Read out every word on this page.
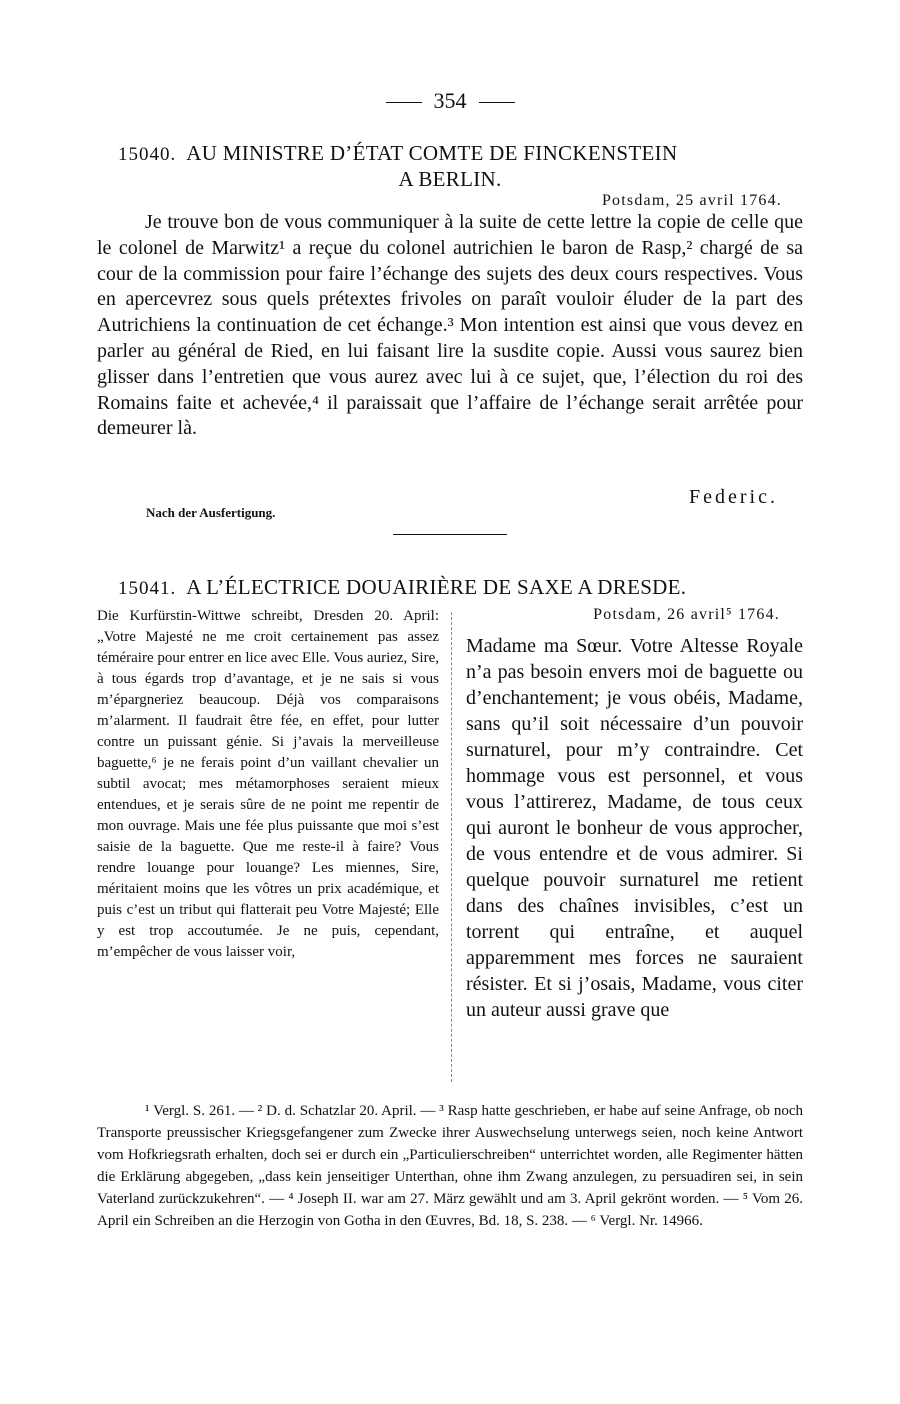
354
15040. AU MINISTRE D’ÉTAT COMTE DE FINCKENSTEIN
A BERLIN.
Potsdam, 25 avril 1764.
Je trouve bon de vous communiquer à la suite de cette lettre la copie de celle que le colonel de Marwitz¹ a reçue du colonel autrichien le baron de Rasp,² chargé de sa cour de la commission pour faire l’échange des sujets des deux cours respectives. Vous en apercevrez sous quels prétextes frivoles on paraît vouloir éluder de la part des Autrichiens la continuation de cet échange.³ Mon intention est ainsi que vous devez en parler au général de Ried, en lui faisant lire la susdite copie. Aussi vous saurez bien glisser dans l’entretien que vous aurez avec lui à ce sujet, que, l’élection du roi des Romains faite et achevée,⁴ il paraissait que l’affaire de l’échange serait arrêtée pour demeurer là.
Federic.
Nach der Ausfertigung.
15041. A L’ÉLECTRICE DOUAIRIÈRE DE SAXE A DRESDE.
Die Kurfürstin-Wittwe schreibt, Dresden 20. April: „Votre Majesté ne me croit certainement pas assez téméraire pour entrer en lice avec Elle. Vous auriez, Sire, à tous égards trop d’avantage, et je ne sais si vous m’épargneriez beaucoup. Déjà vos comparaisons m’alarment. Il faudrait être fée, en effet, pour lutter contre un puissant génie. Si j’avais la merveilleuse baguette,⁶ je ne ferais point d’un vaillant chevalier un subtil avocat; mes métamorphoses seraient mieux entendues, et je serais sûre de ne point me repentir de mon ouvrage. Mais une fée plus puissante que moi s’est saisie de la baguette. Que me reste-il à faire? Vous rendre louange pour louange? Les miennes, Sire, méritaient moins que les vôtres un prix académique, et puis c’est un tribut qui flatterait peu Votre Majesté; Elle y est trop accoutumée. Je ne puis, cependant, m’empêcher de vous laisser voir,
Potsdam, 26 avril⁵ 1764.
Madame ma Sœur. Votre Altesse Royale n’a pas besoin envers moi de baguette ou d’enchantement; je vous obéis, Madame, sans qu’il soit nécessaire d’un pouvoir surnaturel, pour m’y contraindre. Cet hommage vous est personnel, et vous vous l’attirerez, Madame, de tous ceux qui auront le bonheur de vous approcher, de vous entendre et de vous admirer. Si quelque pouvoir surnaturel me retient dans des chaînes invisibles, c’est un torrent qui entraîne, et auquel apparemment mes forces ne sauraient résister. Et si j’osais, Madame, vous citer un auteur aussi grave que
¹ Vergl. S. 261. — ² D. d. Schatzlar 20. April. — ³ Rasp hatte geschrieben, er habe auf seine Anfrage, ob noch Transporte preussischer Kriegsgefangener zum Zwecke ihrer Auswechselung unterwegs seien, noch keine Antwort vom Hofkriegsrath erhalten, doch sei er durch ein „Particulierschreiben“ unterrichtet worden, alle Regimenter hätten die Erklärung abgegeben, „dass kein jenseitiger Unterthan, ohne ihm Zwang anzulegen, zu persuadiren sei, in sein Vaterland zurückzukehren“. — ⁴ Joseph II. war am 27. März gewählt und am 3. April gekrönt worden. — ⁵ Vom 26. April ein Schreiben an die Herzogin von Gotha in den Œuvres, Bd. 18, S. 238. — ⁶ Vergl. Nr. 14966.
